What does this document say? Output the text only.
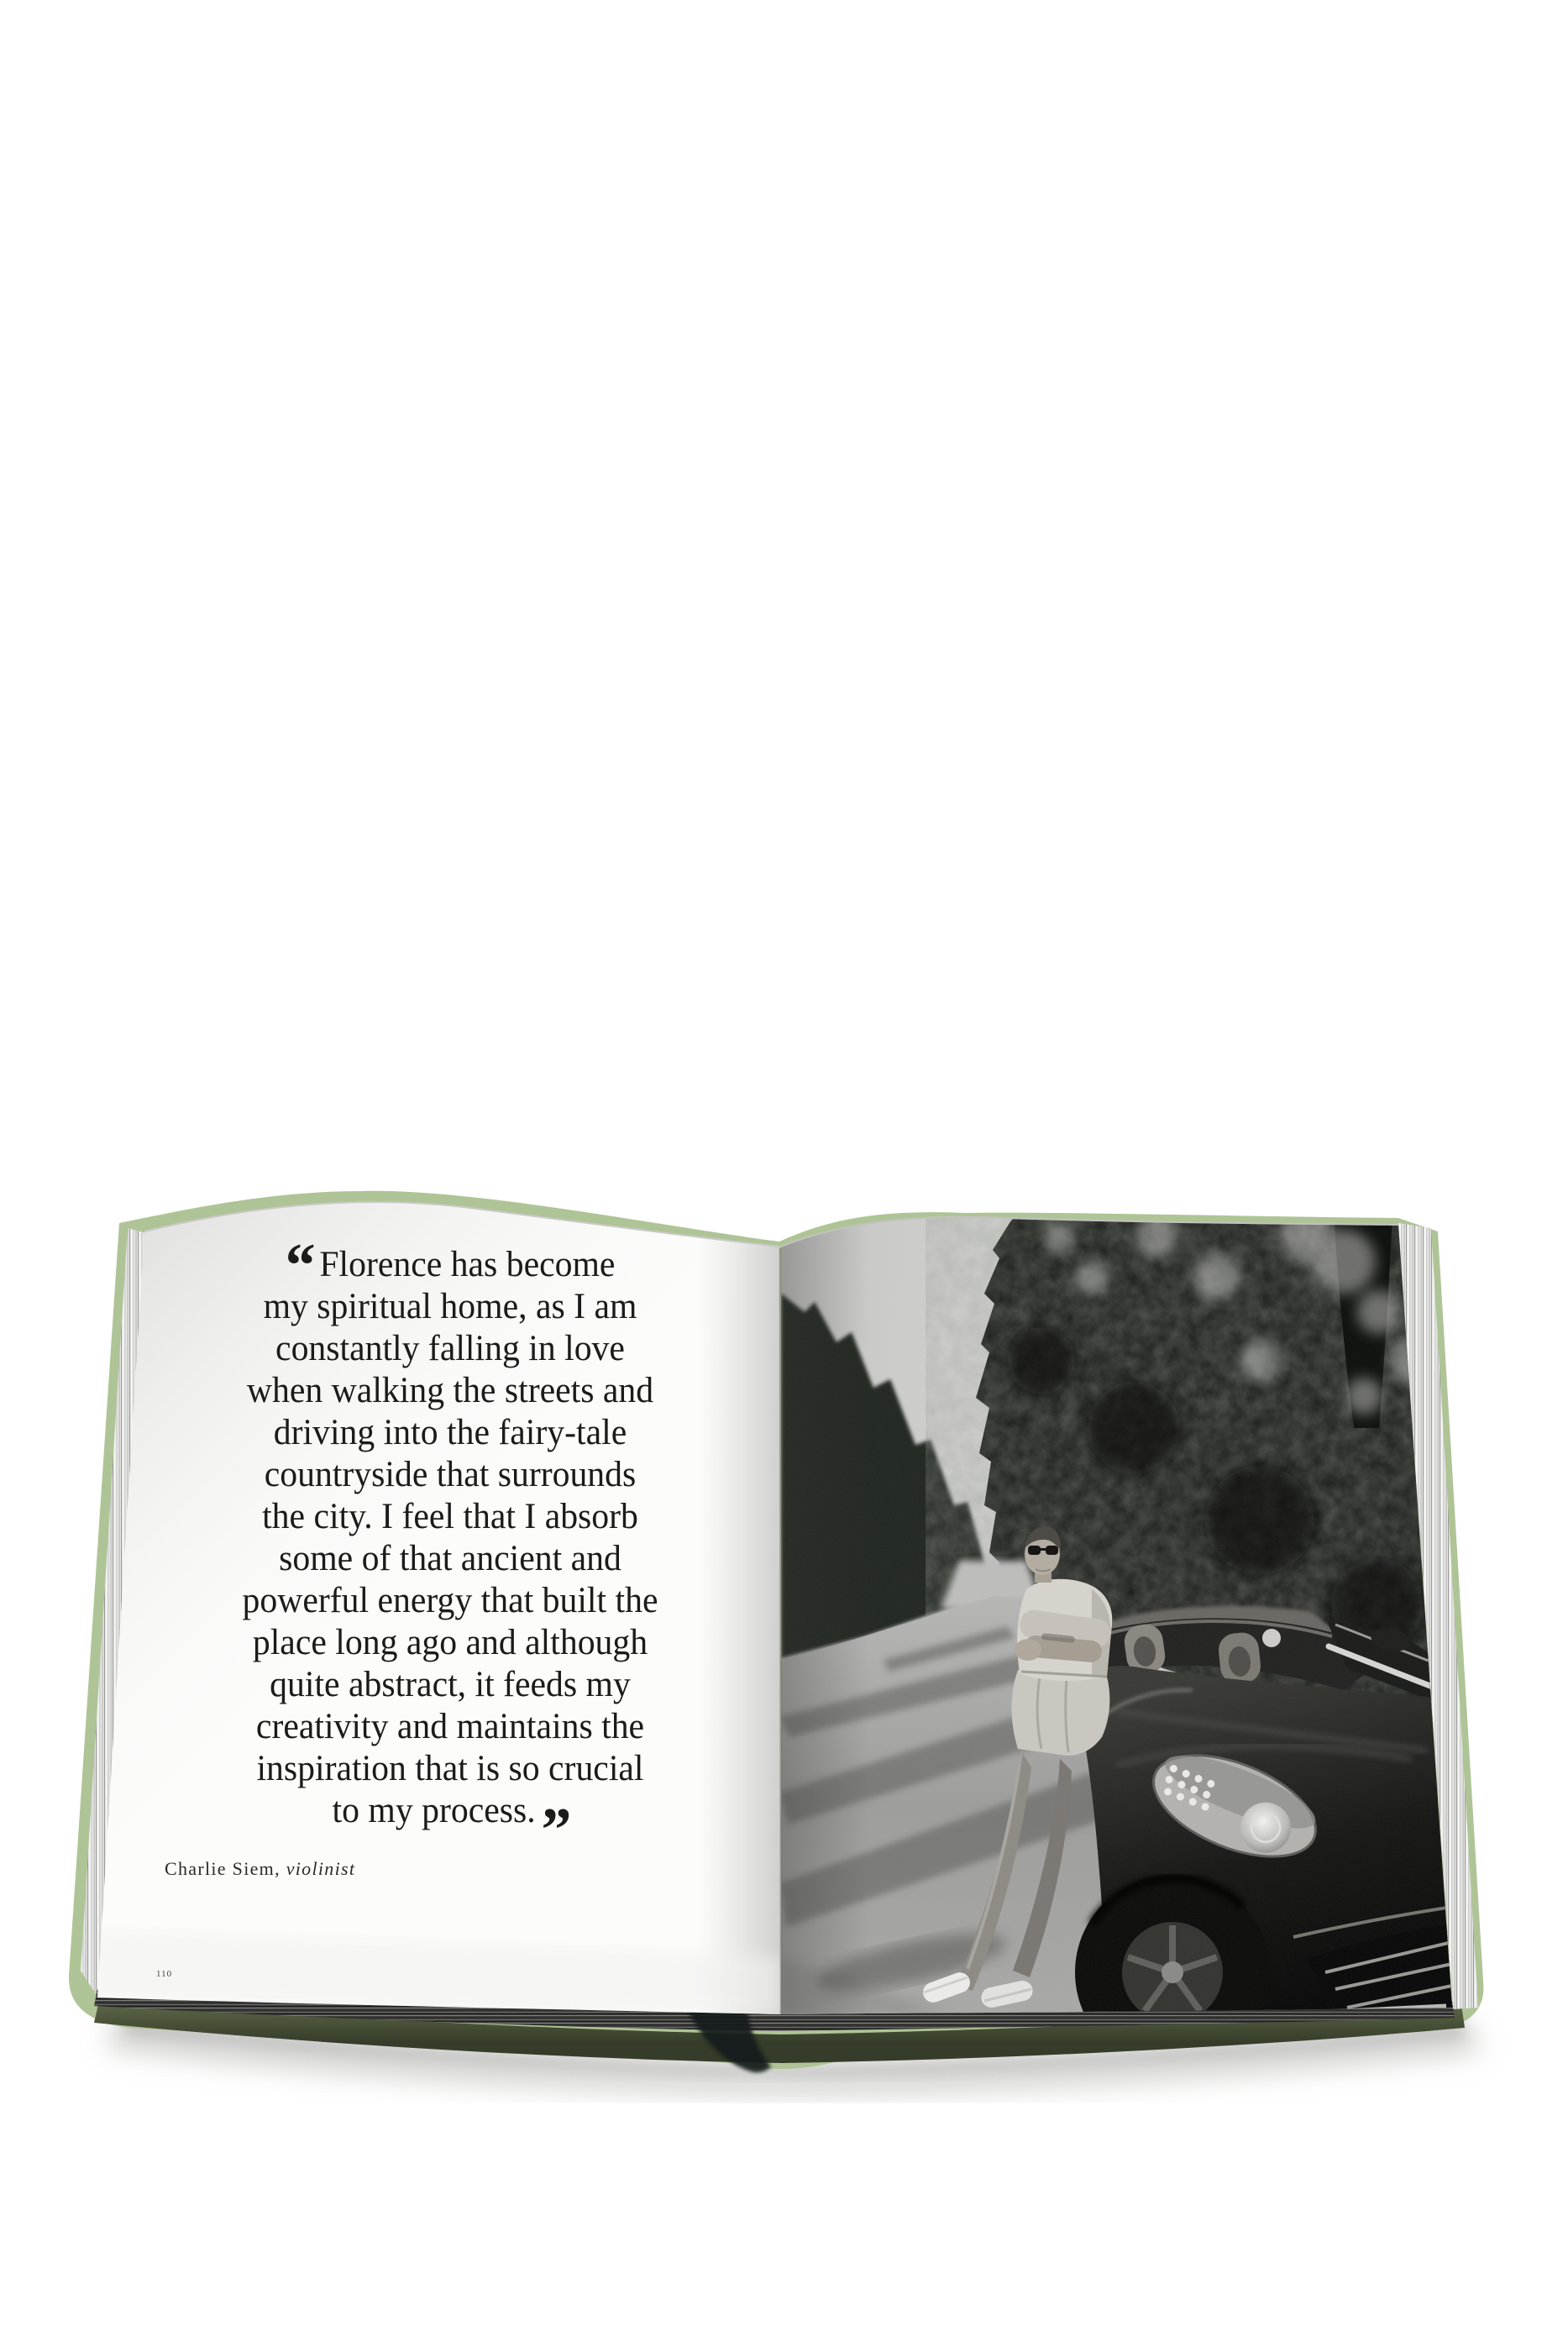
“ Florence has become
my spiritual home, as I am
constantly falling in love
when walking the streets and
driving into the fairy-tale
countryside that surrounds
the city. I feel that I absorb
some of that ancient and
powerful energy that built the
place long ago and although
quite abstract, it feeds my
creativity and maintains the
inspiration that is so crucial
to my process.”
Charlie Siem, violinist
110
